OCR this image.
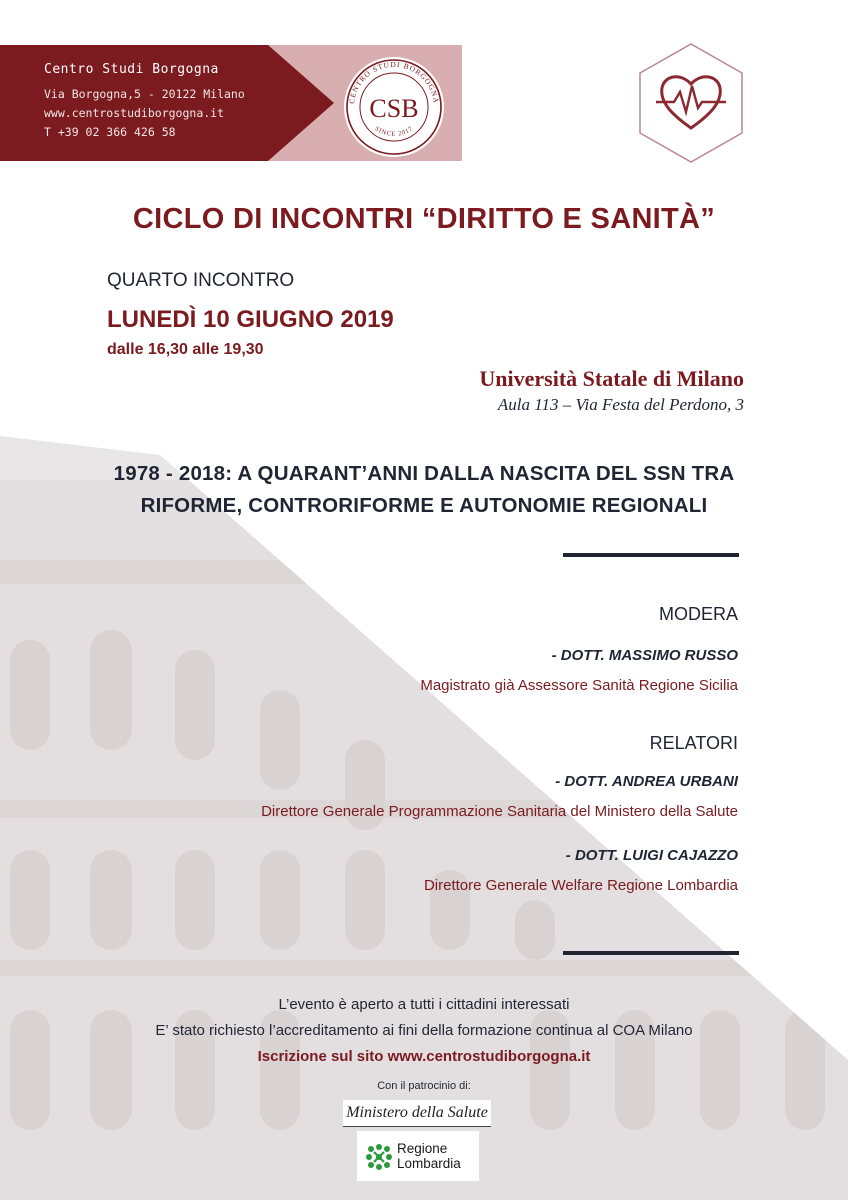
Centro Studi Borgogna
Via Borgogna,5 - 20122 Milano
www.centrostudiborgogna.it
T +39 02 366 426 58
CENTRO STUDI BORGOGNA
SINCE 2017
CSB
CICLO DI INCONTRI “DIRITTO E SANITÀ”
QUARTO INCONTRO
LUNEDÌ 10 GIUGNO 2019
dalle 16,30 alle 19,30
Università Statale di Milano
Aula 113 – Via Festa del Perdono, 3
1978 - 2018: A QUARANT’ANNI DALLA NASCITA DEL SSN TRA
RIFORME, CONTRORIFORME E AUTONOMIE REGIONALI
MODERA
- DOTT. MASSIMO RUSSO
Magistrato già Assessore Sanità Regione Sicilia
RELATORI
- DOTT. ANDREA URBANI
Direttore Generale Programmazione Sanitaria del Ministero della Salute
- DOTT. LUIGI CAJAZZO
Direttore Generale Welfare Regione Lombardia
L’evento è aperto a tutti i cittadini interessati
E’ stato richiesto l’accreditamento ai fini della formazione continua al COA Milano
Iscrizione sul sito www.centrostudiborgogna.it
Con il patrocinio di:
Ministero della Salute
Regione
Lombardia
